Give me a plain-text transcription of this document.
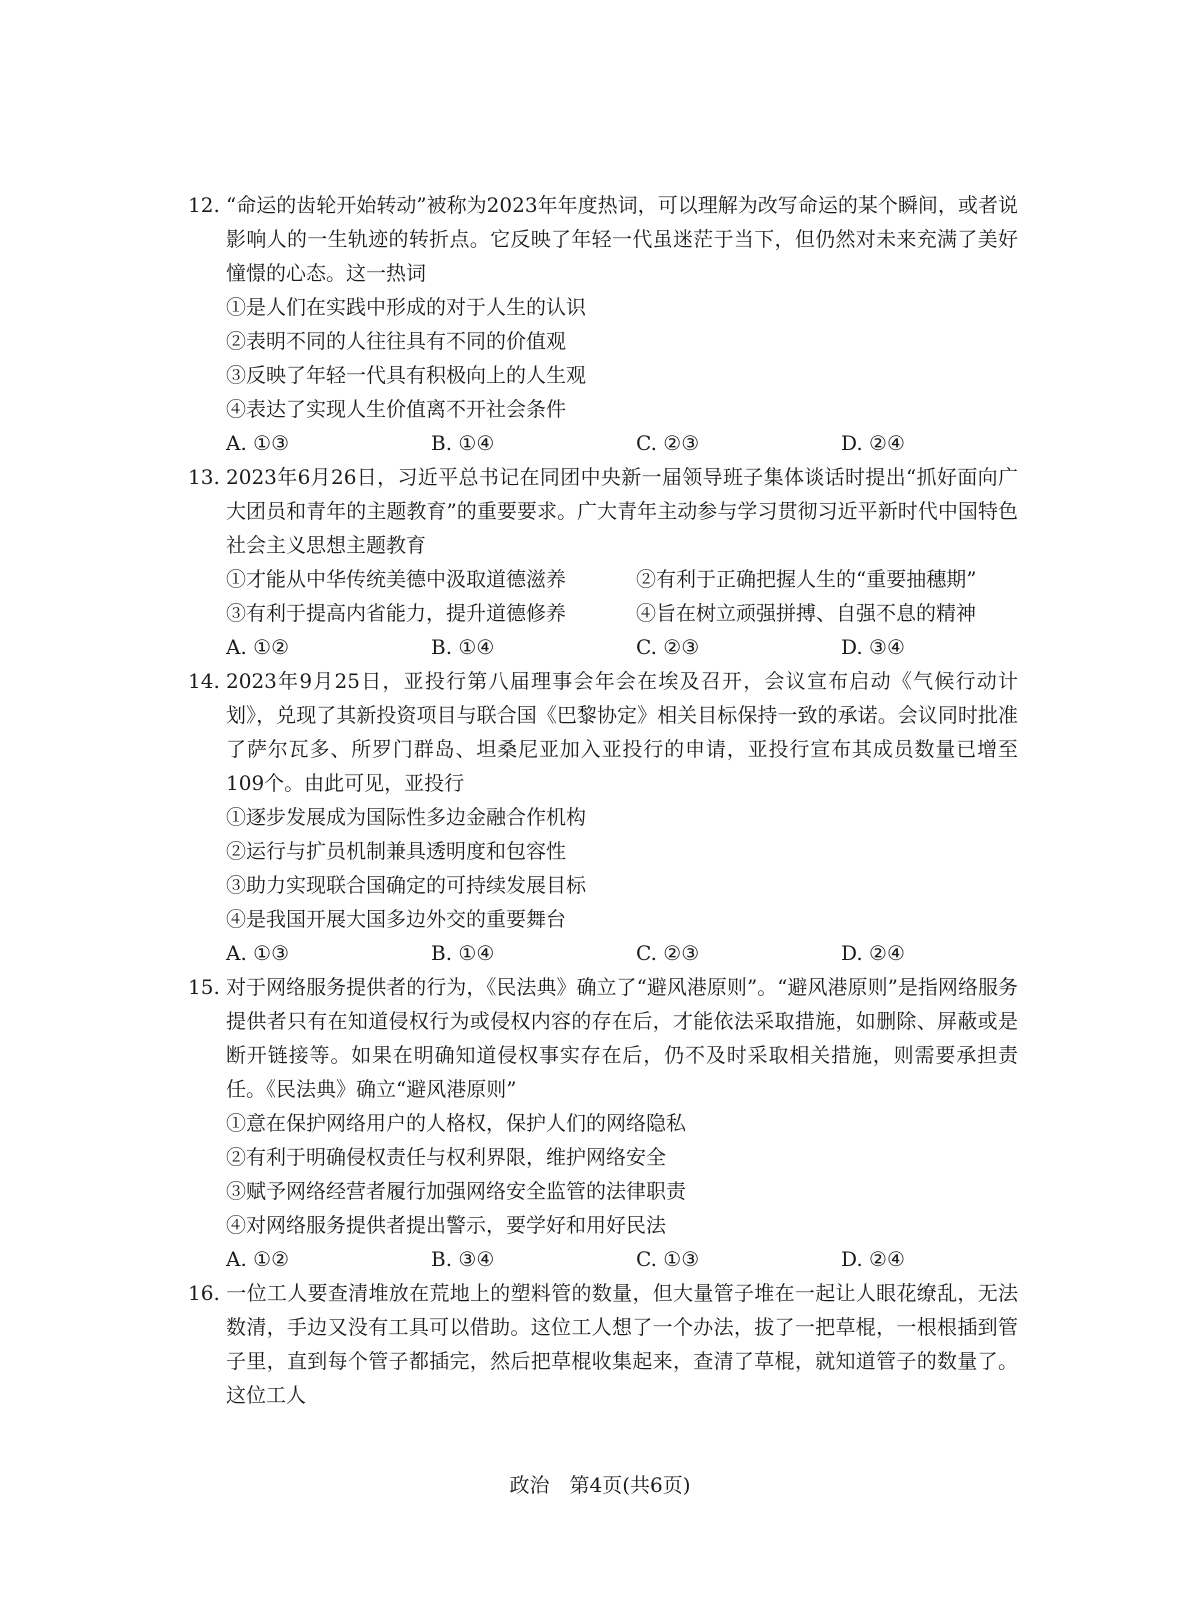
12. “命运的齿轮开始转动”被称为2023年年度热词，可以理解为改写命运的某个瞬间，或者说影响人的一生轨迹的转折点。它反映了年轻一代虽迷茫于当下，但仍然对未来充满了美好憧憬的心态。这一热词

①是人们在实践中形成的对于人生的认识

②表明不同的人往往具有不同的价值观

③反映了年轻一代具有积极向上的人生观

④表达了实现人生价值离不开社会条件

A. ①③	B. ①④	C. ②③	D. ②④

13. 2023年6月26日，习近平总书记在同团中央新一届领导班子集体谈话时提出“抓好面向广大团员和青年的主题教育”的重要要求。广大青年主动参与学习贯彻习近平新时代中国特色社会主义思想主题教育

①才能从中华传统美德中汲取道德滋养	②有利于正确把握人生的“重要抽穗期”
③有利于提高内省能力，提升道德修养	④旨在树立顽强拼搏、自强不息的精神
A. ①②	B. ①④	C. ②③	D. ③④

14. 2023年9月25日，亚投行第八届理事会年会在埃及召开，会议宣布启动《气候行动计划》，兑现了其新投资项目与联合国《巴黎协定》相关目标保持一致的承诺。会议同时批准了萨尔瓦多、所罗门群岛、坦桑尼亚加入亚投行的申请，亚投行宣布其成员数量已增至109个。由此可见，亚投行

①逐步发展成为国际性多边金融合作机构

②运行与扩员机制兼具透明度和包容性

③助力实现联合国确定的可持续发展目标

④是我国开展大国多边外交的重要舞台

A. ①③	B. ①④	C. ②③	D. ②④

15. 对于网络服务提供者的行为，《民法典》确立了“避风港原则”。“避风港原则”是指网络服务提供者只有在知道侵权行为或侵权内容的存在后，才能依法采取措施，如删除、屏蔽或是断开链接等。如果在明确知道侵权事实存在后，仍不及时采取相关措施，则需要承担责任。《民法典》确立“避风港原则”

①意在保护网络用户的人格权，保护人们的网络隐私

②有利于明确侵权责任与权利界限，维护网络安全

③赋予网络经营者履行加强网络安全监管的法律职责

④对网络服务提供者提出警示，要学好和用好民法

A. ①②	B. ③④	C. ①③	D. ②④

16. 一位工人要查清堆放在荒地上的塑料管的数量，但大量管子堆在一起让人眼花缭乱，无法数清，手边又没有工具可以借助。这位工人想了一个办法，拔了一把草棍，一根根插到管子里，直到每个管子都插完，然后把草棍收集起来，查清了草棍，就知道管子的数量了。这位工人

政治　第4页(共6页)
